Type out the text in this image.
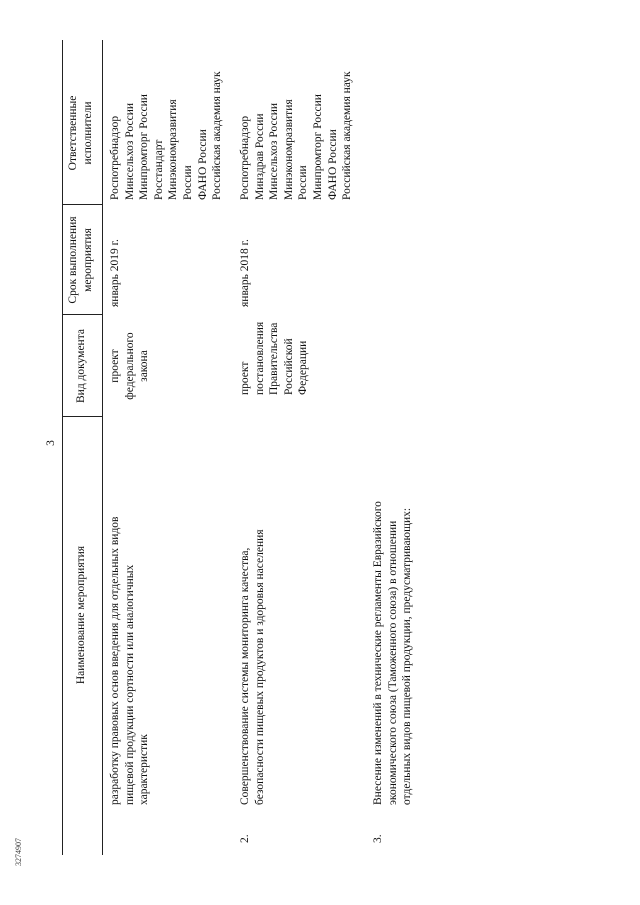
3
Наименование мероприятия
Вид документа
Срок выполнения
мероприятия
Ответственные
исполнители
разработку правовых основ введения для отдельных видов
пищевой продукции сортности или аналогичных
характеристик
проект
федерального закона
январь 2019 г.
Роспотребнадзор
Минсельхоз России
Минпромторг России
Росстандарт
Минэкономразвития
России
ФАНО России
Российская академия наук
2.
Совершенствование системы мониторинга качества,
безопасности пищевых продуктов и здоровья населения
проект
постановления
Правительства
Российской
Федерации
январь 2018 г.
Роспотребнадзор
Минздрав России
Минсельхоз России
Минэкономразвития
России
Минпромторг России
ФАНО России
Российская академия наук
3.
Внесение изменений в технические регламенты Евразийского
экономического союза (Таможенного союза) в отношении
отдельных видов пищевой продукции, предусматривающих:
3274907
